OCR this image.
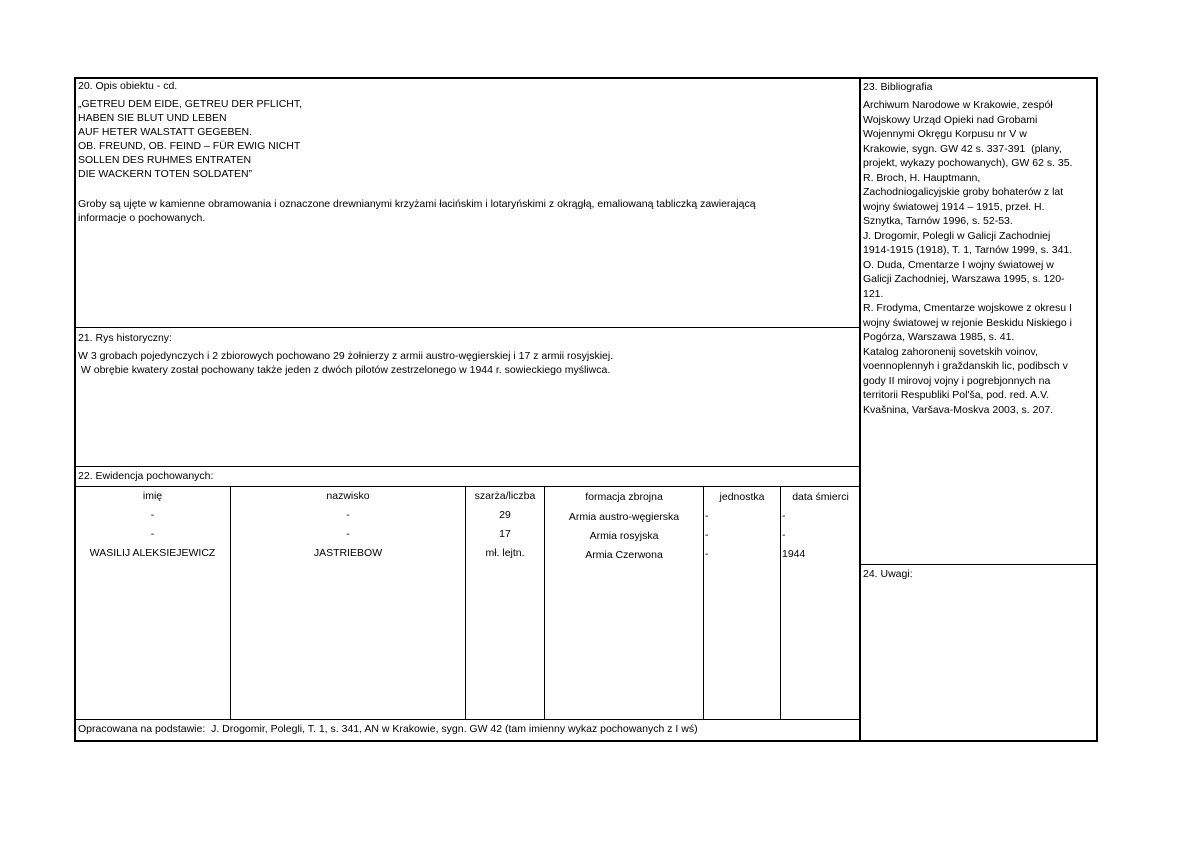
20. Opis obiektu - cd.
„GETREU DEM EIDE, GETREU DER PFLICHT,
HABEN SIE BLUT UND LEBEN
AUF HETER WALSTATT GEGEBEN.
OB. FREUND, OB. FEIND – FÜR EWIG NICHT
SOLLEN DES RUHMES ENTRATEN
DIE WACKERN TOTEN SOLDATEN”
Groby są ujęte w kamienne obramowania i oznaczone drewnianymi krzyżami łacińskim i lotaryńskimi z okrągłą, emaliowaną tabliczką zawierającą
informacje o pochowanych.
21. Rys historyczny:
W 3 grobach pojedynczych i 2 zbiorowych pochowano 29 żołnierzy z armii austro-węgierskiej i 17 z armii rosyjskiej.
W obrębie kwatery został pochowany także jeden z dwóch pilotów zestrzelonego w 1944 r. sowieckiego myśliwca.
22. Ewidencja pochowanych:
imię	nazwisko	szarża/liczba	formacja zbrojna	jednostka	data śmierci
-	-	29	Armia austro-węgierska	-	-
-	-	17	Armia rosyjska	-	-
WASILIJ ALEKSIEJEWICZ	JASTRIEBOW	mł. lejtn.	Armia Czerwona	-	1944
Opracowana na podstawie:  J. Drogomir, Polegli, T. 1, s. 341, AN w Krakowie, sygn. GW 42 (tam imienny wykaz pochowanych z I wś)
23. Bibliografia
Archiwum Narodowe w Krakowie, zespół
Wojskowy Urząd Opieki nad Grobami
Wojennymi Okręgu Korpusu nr V w
Krakowie, sygn. GW 42 s. 337-391  (plany,
projekt, wykazy pochowanych), GW 62 s. 35.
R. Broch, H. Hauptmann,
Zachodniogalicyjskie groby bohaterów z lat
wojny światowej 1914 – 1915, przeł. H.
Sznytka, Tarnów 1996, s. 52-53.
J. Drogomir, Polegli w Galicji Zachodniej
1914-1915 (1918), T. 1, Tarnów 1999, s. 341.
O. Duda, Cmentarze I wojny światowej w
Galicji Zachodniej, Warszawa 1995, s. 120-
121.
R. Frodyma, Cmentarze wojskowe z okresu I
wojny światowej w rejonie Beskidu Niskiego i
Pogórza, Warszawa 1985, s. 41.
Katalog zahoronenij sovetskih voinov,
voennoplennyh i graždanskih lic, podibsch v
gody II mirovoj vojny i pogrebjonnych na
territorii Respubliki Pol'ša, pod. red. A.V.
Kvašnina, Varšava-Moskva 2003, s. 207.
24. Uwagi:
